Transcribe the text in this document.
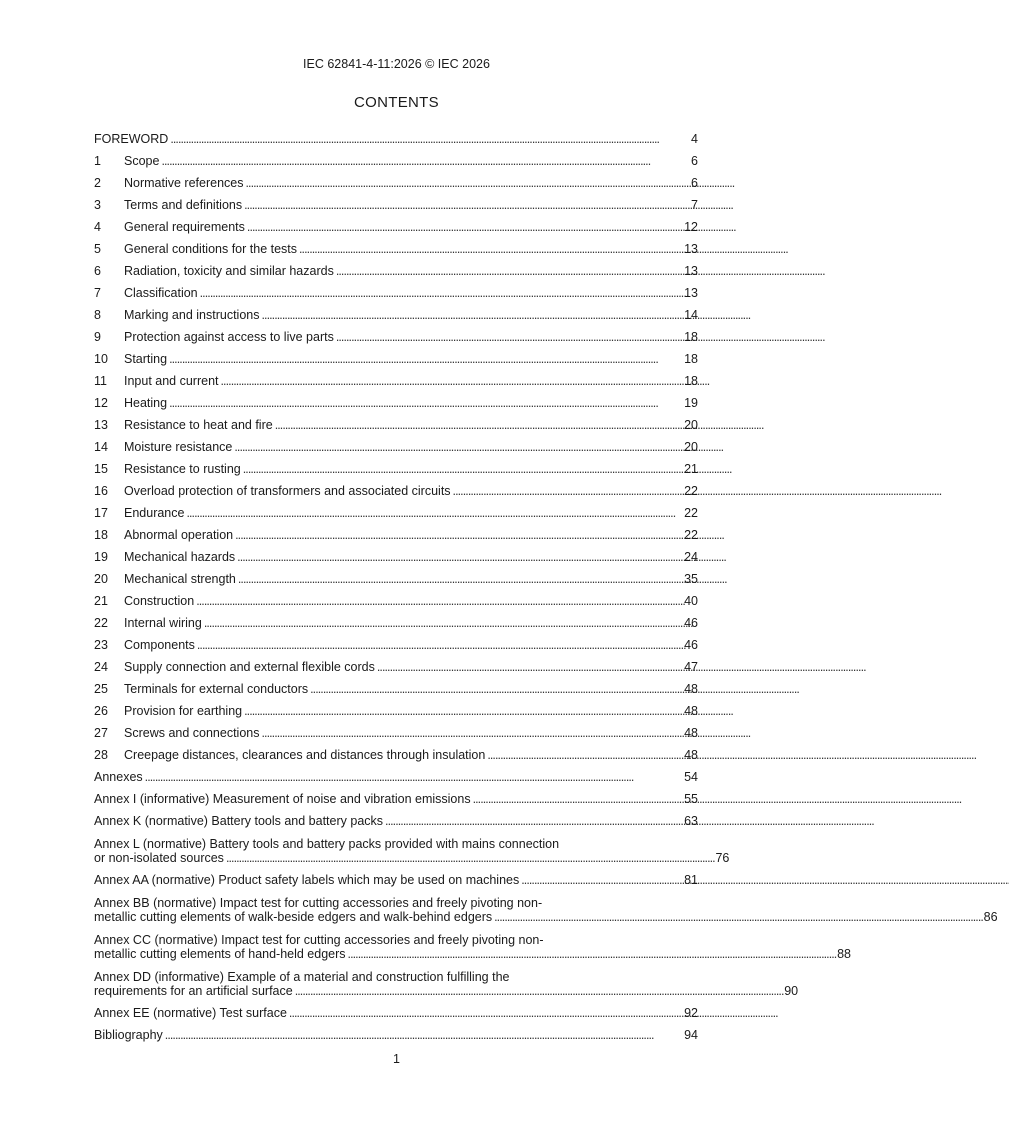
IEC 62841-4-11:2026 © IEC 2026
CONTENTS
FOREWORD . . .	4
1	Scope . . .	6
2	Normative references . . .	6
3	Terms and definitions . . .	7
4	General requirements . . .	12
5	General conditions for the tests . . .	13
6	Radiation, toxicity and similar hazards . . .	13
7	Classification . . .	13
8	Marking and instructions . . .	14
9	Protection against access to live parts . . .	18
10	Starting . . .	18
11	Input and current . . .	18
12	Heating . . .	19
13	Resistance to heat and fire . . .	20
14	Moisture resistance . . .	20
15	Resistance to rusting . . .	21
16	Overload protection of transformers and associated circuits . . .	22
17	Endurance . . .	22
18	Abnormal operation . . .	22
19	Mechanical hazards . . .	24
20	Mechanical strength . . .	35
21	Construction . . .	40
22	Internal wiring . . .	46
23	Components . . .	46
24	Supply connection and external flexible cords . . .	47
25	Terminals for external conductors . . .	48
26	Provision for earthing . . .	48
27	Screws and connections . . .	48
28	Creepage distances, clearances and distances through insulation . . .	48
Annexes . . .	54
Annex I (informative) Measurement of noise and vibration emissions . . .	55
Annex K (normative) Battery tools and battery packs . . .	63
Annex L (normative) Battery tools and battery packs provided with mains connection
or non-isolated sources . . .	76
Annex AA (normative) Product safety labels which may be used on machines . . .	81
Annex BB (normative) Impact test for cutting accessories and freely pivoting non-
metallic cutting elements of walk-beside edgers and walk-behind edgers . . .	86
Annex CC (normative) Impact test for cutting accessories and freely pivoting non-
metallic cutting elements of hand-held edgers . . .	88
Annex DD (informative) Example of a material and construction fulfilling the
requirements for an artificial surface . . .	90
Annex EE (normative) Test surface . . .	92
Bibliography . . .	94
1
